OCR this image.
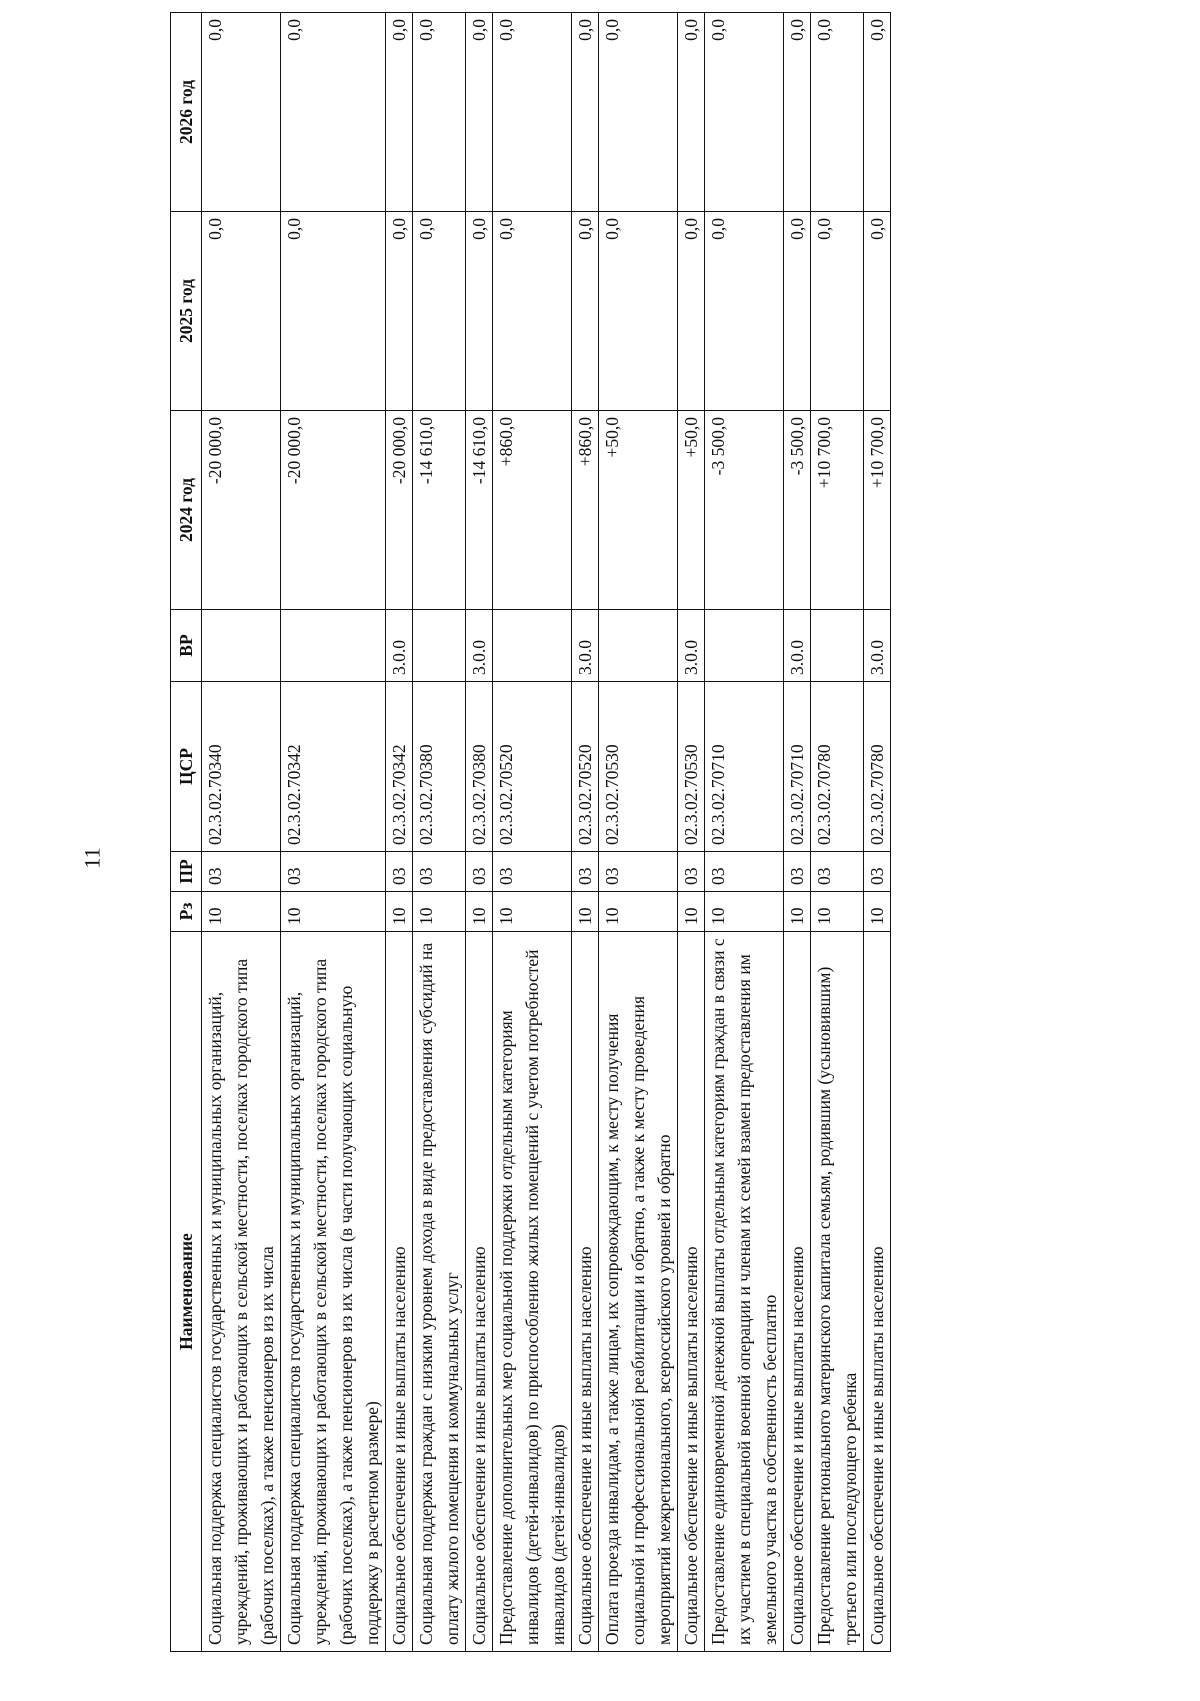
11
Наименование	Рз	ПР	ЦСР	ВР	2024 год	2025 год	2026 год
Социальная поддержка специалистов государственных и муниципальных организаций, учреждений, проживающих и работающих в сельской местности, поселках городского типа (рабочих поселках), а также пенсионеров из их числа	10	03	02.3.02.70340		-20 000,0	0,0	0,0
Социальная поддержка специалистов государственных и муниципальных организаций, учреждений, проживающих и работающих в сельской местности, поселках городского типа (рабочих поселках), а также пенсионеров из их числа (в части получающих социальную поддержку в расчетном размере)	10	03	02.3.02.70342		-20 000,0	0,0	0,0
Социальное обеспечение и иные выплаты населению	10	03	02.3.02.70342	3.0.0	-20 000,0	0,0	0,0
Социальная поддержка граждан с низким уровнем дохода в виде предоставления субсидий на оплату жилого помещения и коммунальных услуг	10	03	02.3.02.70380		-14 610,0	0,0	0,0
Социальное обеспечение и иные выплаты населению	10	03	02.3.02.70380	3.0.0	-14 610,0	0,0	0,0
Предоставление дополнительных мер социальной поддержки отдельным категориям инвалидов (детей-инвалидов) по приспособлению жилых помещений с учетом потребностей инвалидов (детей-инвалидов)	10	03	02.3.02.70520		+860,0	0,0	0,0
Социальное обеспечение и иные выплаты населению	10	03	02.3.02.70520	3.0.0	+860,0	0,0	0,0
Оплата проезда инвалидам, а также лицам, их сопровождающим, к месту получения социальной и профессиональной реабилитации и обратно, а также к месту проведения мероприятий межрегионального, всероссийского уровней и обратно	10	03	02.3.02.70530		+50,0	0,0	0,0
Социальное обеспечение и иные выплаты населению	10	03	02.3.02.70530	3.0.0	+50,0	0,0	0,0
Предоставление единовременной денежной выплаты отдельным категориям граждан в связи с их участием в специальной военной операции и членам их семей взамен предоставления им земельного участка в собственность бесплатно	10	03	02.3.02.70710		-3 500,0	0,0	0,0
Социальное обеспечение и иные выплаты населению	10	03	02.3.02.70710	3.0.0	-3 500,0	0,0	0,0
Предоставление регионального материнского капитала семьям, родившим (усыновившим) третьего или последующего ребенка	10	03	02.3.02.70780		+10 700,0	0,0	0,0
Социальное обеспечение и иные выплаты населению	10	03	02.3.02.70780	3.0.0	+10 700,0	0,0	0,0
